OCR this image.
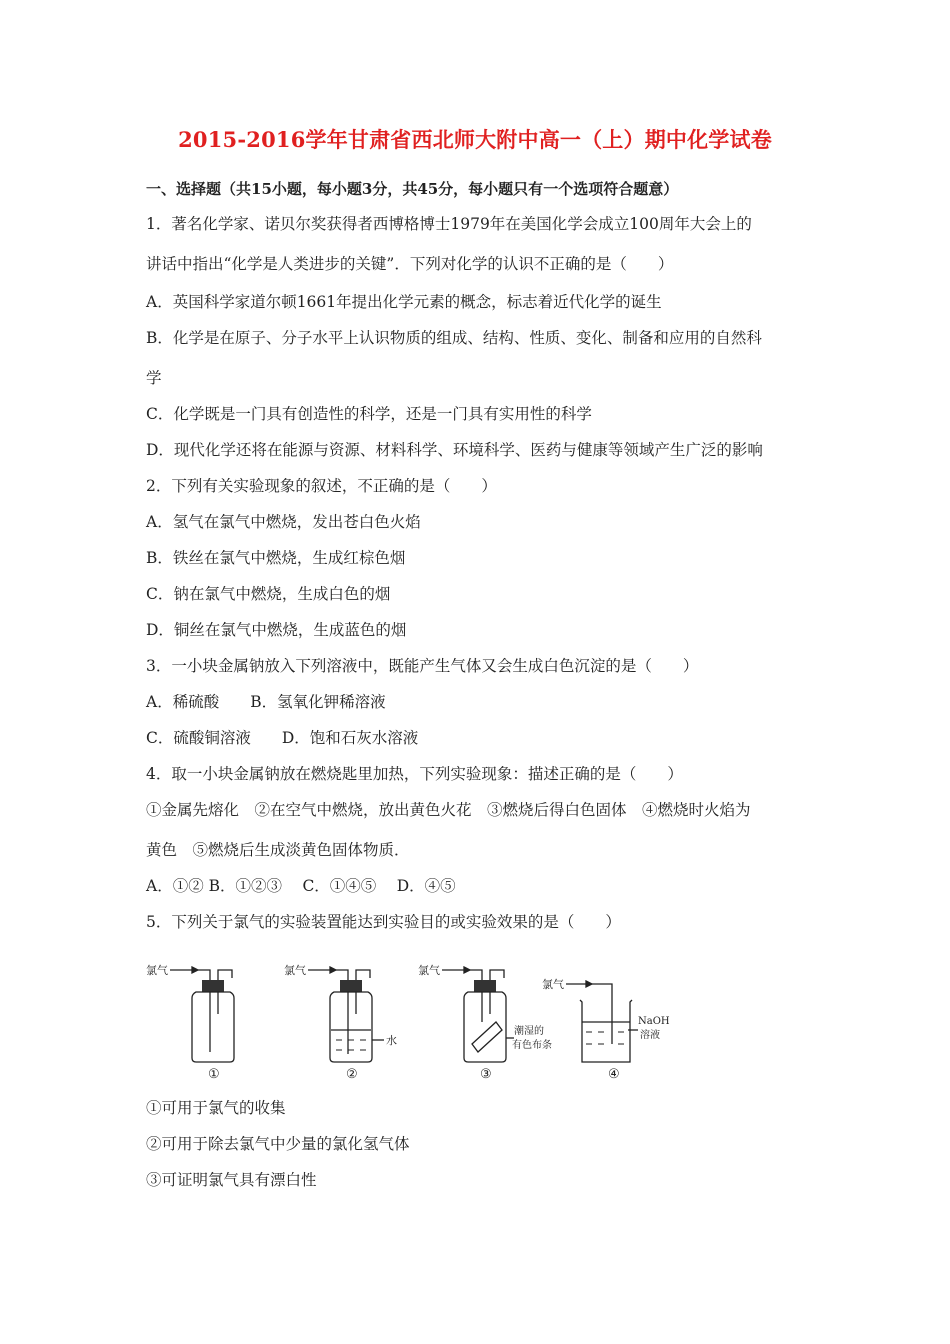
2015-2016学年甘肃省西北师大附中高一（上）期中化学试卷
一、选择题（共15小题，每小题3分，共45分，每小题只有一个选项符合题意）
1．著名化学家、诺贝尔奖获得者西博格博士1979年在美国化学会成立100周年大会上的
讲话中指出“化学是人类进步的关键”．下列对化学的认识不正确的是（　　）
A．英国科学家道尔顿1661年提出化学元素的概念，标志着近代化学的诞生
B．化学是在原子、分子水平上认识物质的组成、结构、性质、变化、制备和应用的自然科
学
C．化学既是一门具有创造性的科学，还是一门具有实用性的科学
D．现代化学还将在能源与资源、材料科学、环境科学、医药与健康等领域产生广泛的影响
2．下列有关实验现象的叙述，不正确的是（　　）
A．氢气在氯气中燃烧，发出苍白色火焰
B．铁丝在氯气中燃烧，生成红棕色烟
C．钠在氯气中燃烧，生成白色的烟
D．铜丝在氯气中燃烧，生成蓝色的烟
3．一小块金属钠放入下列溶液中，既能产生气体又会生成白色沉淀的是（　　）
A．稀硫酸　　B．氢氧化钾稀溶液
C．硫酸铜溶液　　D．饱和石灰水溶液
4．取一小块金属钠放在燃烧匙里加热，下列实验现象：描述正确的是（　　）
①金属先熔化　②在空气中燃烧，放出黄色火花　③燃烧后得白色固体　④燃烧时火焰为
黄色　⑤燃烧后生成淡黄色固体物质．
A．①② B．①②③　 C．①④⑤　 D．④⑤
5．下列关于氯气的实验装置能达到实验目的或实验效果的是（　　）
氯气
①
氯气
水
②
氯气
潮湿的
有色布条
③
氯气
NaOH
溶液
④
①可用于氯气的收集
②可用于除去氯气中少量的氯化氢气体
③可证明氯气具有漂白性
